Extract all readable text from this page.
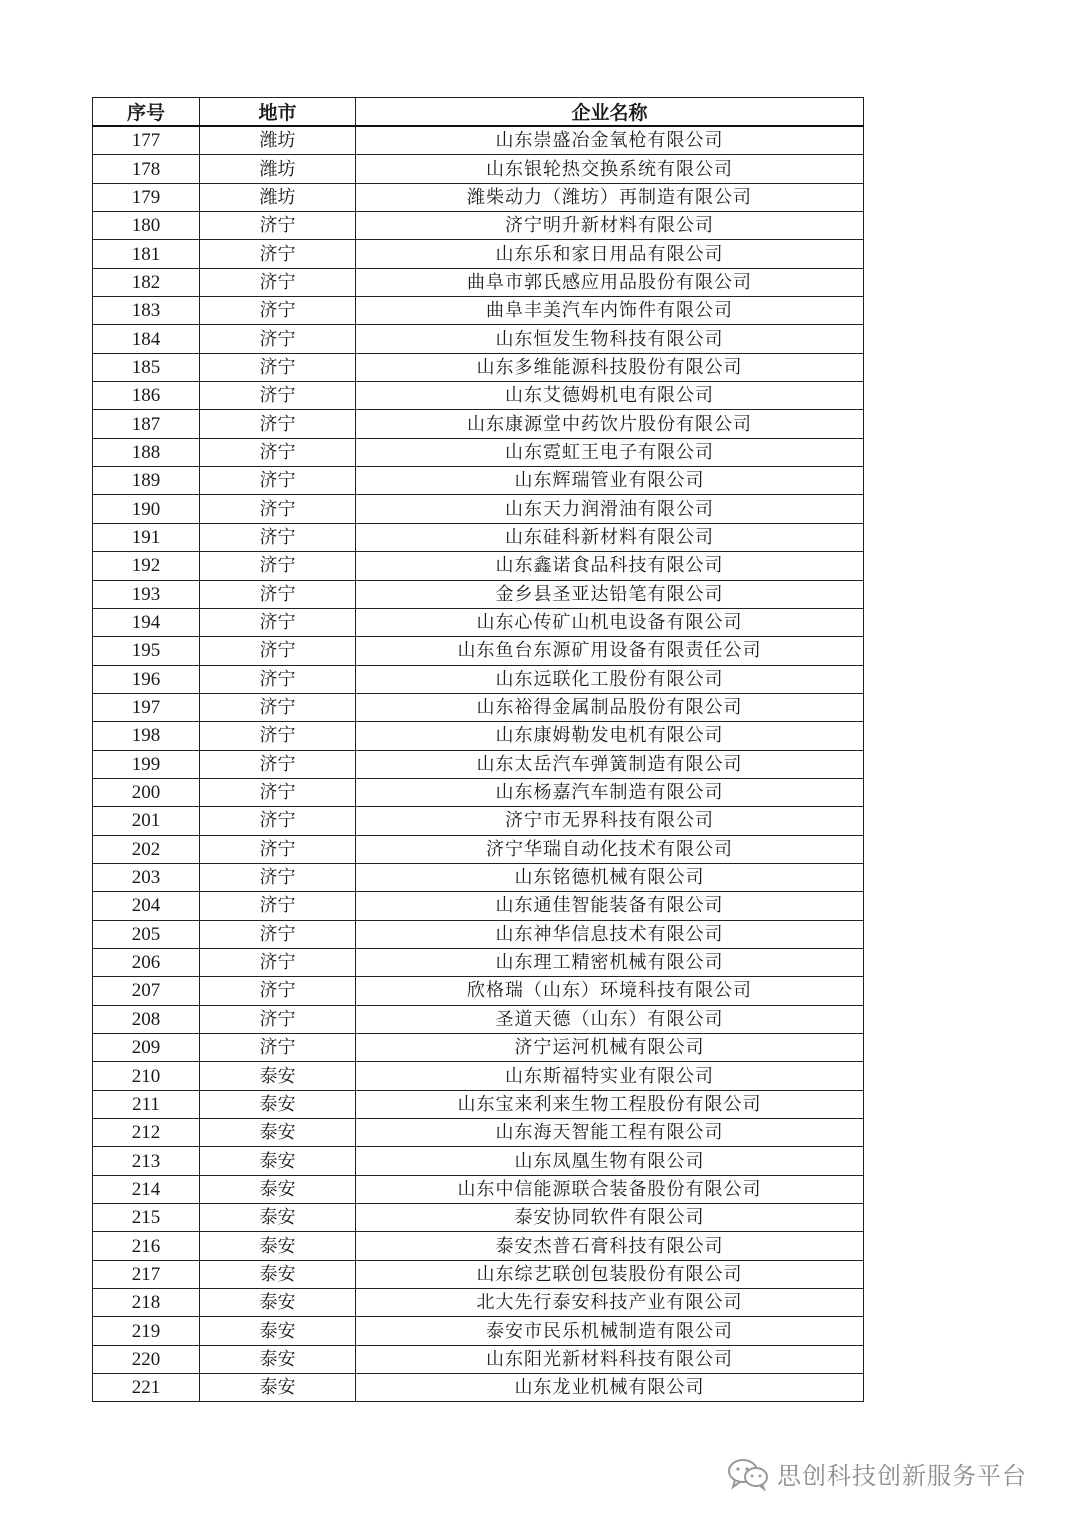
序号	地市	企业名称
177	潍坊	山东崇盛冶金氧枪有限公司
178	潍坊	山东银轮热交换系统有限公司
179	潍坊	潍柴动力（潍坊）再制造有限公司
180	济宁	济宁明升新材料有限公司
181	济宁	山东乐和家日用品有限公司
182	济宁	曲阜市郭氏感应用品股份有限公司
183	济宁	曲阜丰美汽车内饰件有限公司
184	济宁	山东恒发生物科技有限公司
185	济宁	山东多维能源科技股份有限公司
186	济宁	山东艾德姆机电有限公司
187	济宁	山东康源堂中药饮片股份有限公司
188	济宁	山东霓虹王电子有限公司
189	济宁	山东辉瑞管业有限公司
190	济宁	山东天力润滑油有限公司
191	济宁	山东硅科新材料有限公司
192	济宁	山东鑫诺食品科技有限公司
193	济宁	金乡县圣亚达铅笔有限公司
194	济宁	山东心传矿山机电设备有限公司
195	济宁	山东鱼台东源矿用设备有限责任公司
196	济宁	山东远联化工股份有限公司
197	济宁	山东裕得金属制品股份有限公司
198	济宁	山东康姆勒发电机有限公司
199	济宁	山东太岳汽车弹簧制造有限公司
200	济宁	山东杨嘉汽车制造有限公司
201	济宁	济宁市无界科技有限公司
202	济宁	济宁华瑞自动化技术有限公司
203	济宁	山东铭德机械有限公司
204	济宁	山东通佳智能装备有限公司
205	济宁	山东神华信息技术有限公司
206	济宁	山东理工精密机械有限公司
207	济宁	欣格瑞（山东）环境科技有限公司
208	济宁	圣道天德（山东）有限公司
209	济宁	济宁运河机械有限公司
210	泰安	山东斯福特实业有限公司
211	泰安	山东宝来利来生物工程股份有限公司
212	泰安	山东海天智能工程有限公司
213	泰安	山东凤凰生物有限公司
214	泰安	山东中信能源联合装备股份有限公司
215	泰安	泰安协同软件有限公司
216	泰安	泰安杰普石膏科技有限公司
217	泰安	山东综艺联创包装股份有限公司
218	泰安	北大先行泰安科技产业有限公司
219	泰安	泰安市民乐机械制造有限公司
220	泰安	山东阳光新材料科技有限公司
221	泰安	山东龙业机械有限公司
思创科技创新服务平台
